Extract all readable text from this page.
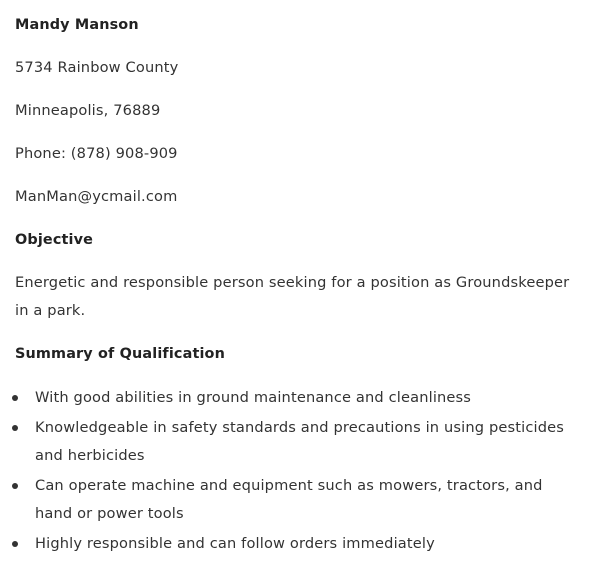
Mandy Manson
5734 Rainbow County
Minneapolis, 76889
Phone: (878) 908-909
ManMan@ycmail.com
Objective
Energetic and responsible person seeking for a position as Groundskeeper in a park.
Summary of Qualification
With good abilities in ground maintenance and cleanliness
Knowledgeable in safety standards and precautions in using pesticides and herbicides
Can operate machine and equipment such as mowers, tractors, and hand or power tools
Highly responsible and can follow orders immediately
